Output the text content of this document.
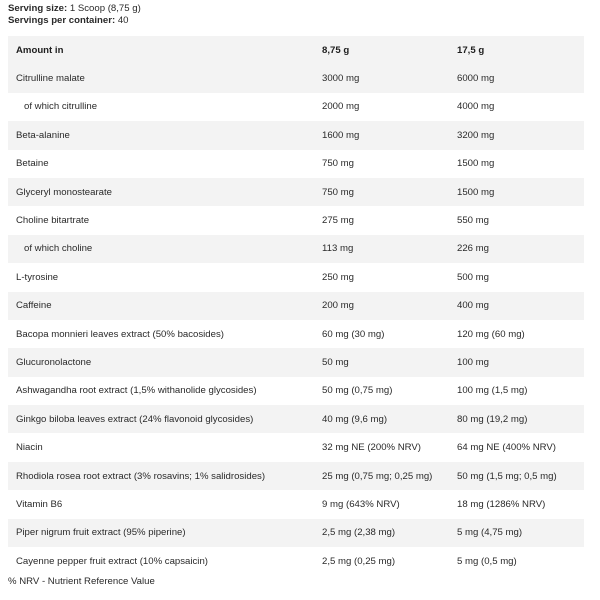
Serving size: 1 Scoop (8,75 g)
Servings per container: 40
Amount in	8,75 g	17,5 g
Citrulline malate	3000 mg	6000 mg
of which citrulline	2000 mg	4000 mg
Beta-alanine	1600 mg	3200 mg
Betaine	750 mg	1500 mg
Glyceryl monostearate	750 mg	1500 mg
Choline bitartrate	275 mg	550 mg
of which choline	113 mg	226 mg
L-tyrosine	250 mg	500 mg
Caffeine	200 mg	400 mg
Bacopa monnieri leaves extract (50% bacosides)	60 mg (30 mg)	120 mg (60 mg)
Glucuronolactone	50 mg	100 mg
Ashwagandha root extract (1,5% withanolide glycosides)	50 mg (0,75 mg)	100 mg (1,5 mg)
Ginkgo biloba leaves extract (24% flavonoid glycosides)	40 mg (9,6 mg)	80 mg (19,2 mg)
Niacin	32 mg NE (200% NRV)	64 mg NE (400% NRV)
Rhodiola rosea root extract (3% rosavins; 1% salidrosides)	25 mg (0,75 mg; 0,25 mg)	50 mg (1,5 mg; 0,5 mg)
Vitamin B6	9 mg (643% NRV)	18 mg (1286% NRV)
Piper nigrum fruit extract (95% piperine)	2,5 mg (2,38 mg)	5 mg (4,75 mg)
Cayenne pepper fruit extract (10% capsaicin)	2,5 mg (0,25 mg)	5 mg (0,5 mg)
% NRV - Nutrient Reference Value
